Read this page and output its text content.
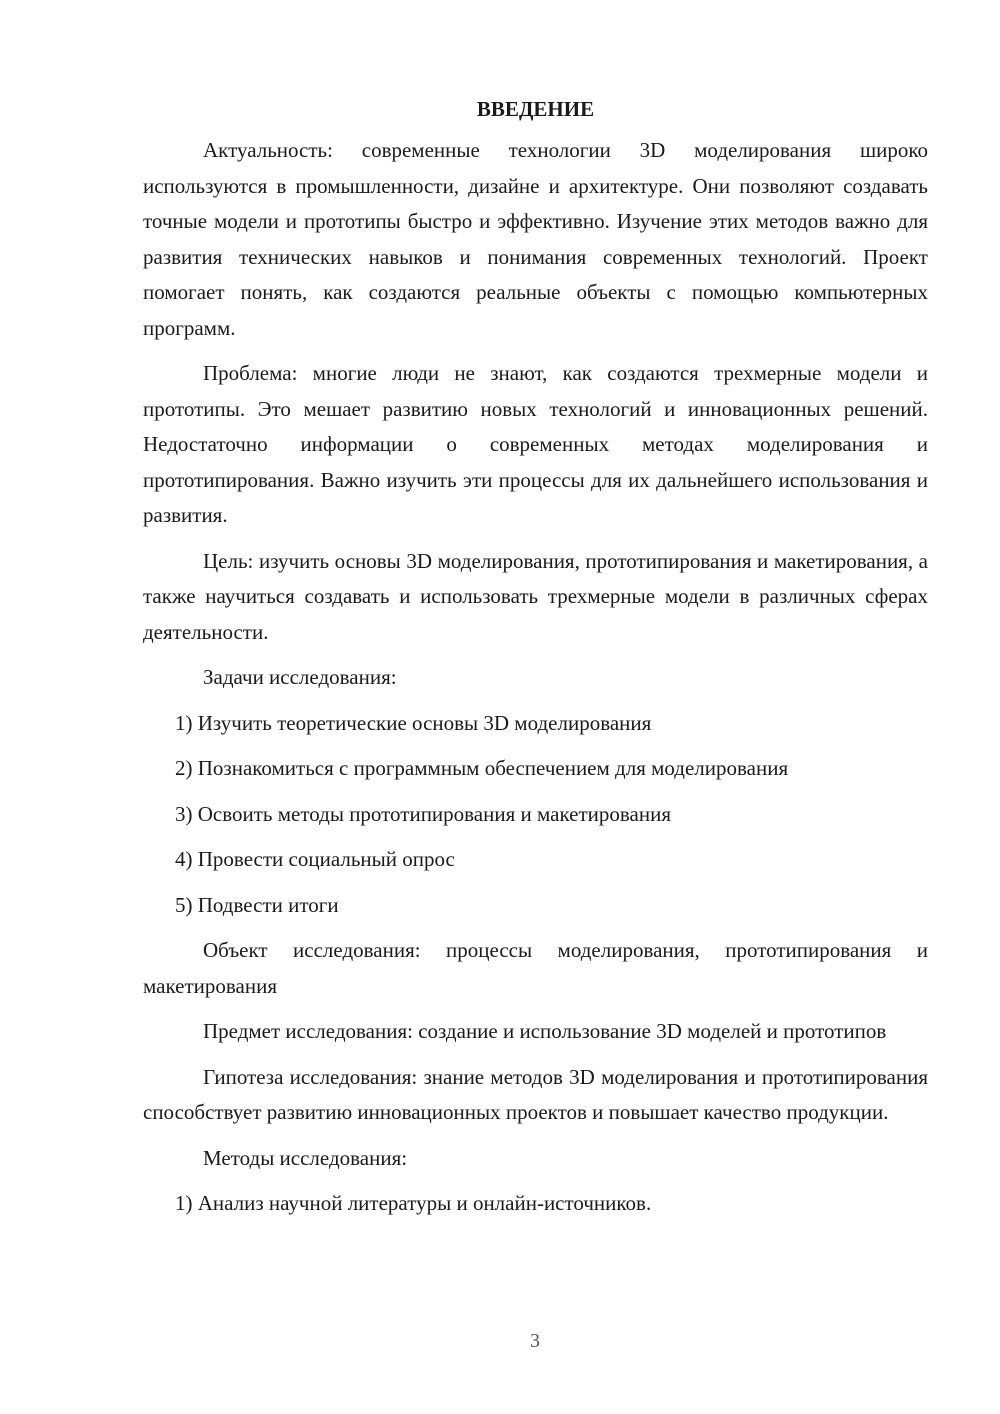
ВВЕДЕНИЕ

Актуальность: современные технологии 3D моделирования широко используются в промышленности, дизайне и архитектуре. Они позволяют создавать точные модели и прототипы быстро и эффективно. Изучение этих методов важно для развития технических навыков и понимания современных технологий. Проект помогает понять, как создаются реальные объекты с помощью компьютерных программ.

Проблема: многие люди не знают, как создаются трехмерные модели и прототипы. Это мешает развитию новых технологий и инновационных решений. Недостаточно информации о современных методах моделирования и прототипирования. Важно изучить эти процессы для их дальнейшего использования и развития.

Цель: изучить основы 3D моделирования, прототипирования и макетирования, а также научиться создавать и использовать трехмерные модели в различных сферах деятельности.

Задачи исследования:

1) Изучить теоретические основы 3D моделирования
2) Познакомиться с программным обеспечением для моделирования
3) Освоить методы прототипирования и макетирования
4) Провести социальный опрос
5) Подвести итоги

Объект исследования: процессы моделирования, прототипирования и макетирования

Предмет исследования: создание и использование 3D моделей и прототипов

Гипотеза исследования: знание методов 3D моделирования и прототипирования способствует развитию инновационных проектов и повышает качество продукции.

Методы исследования:

1) Анализ научной литературы и онлайн-источников.
3
